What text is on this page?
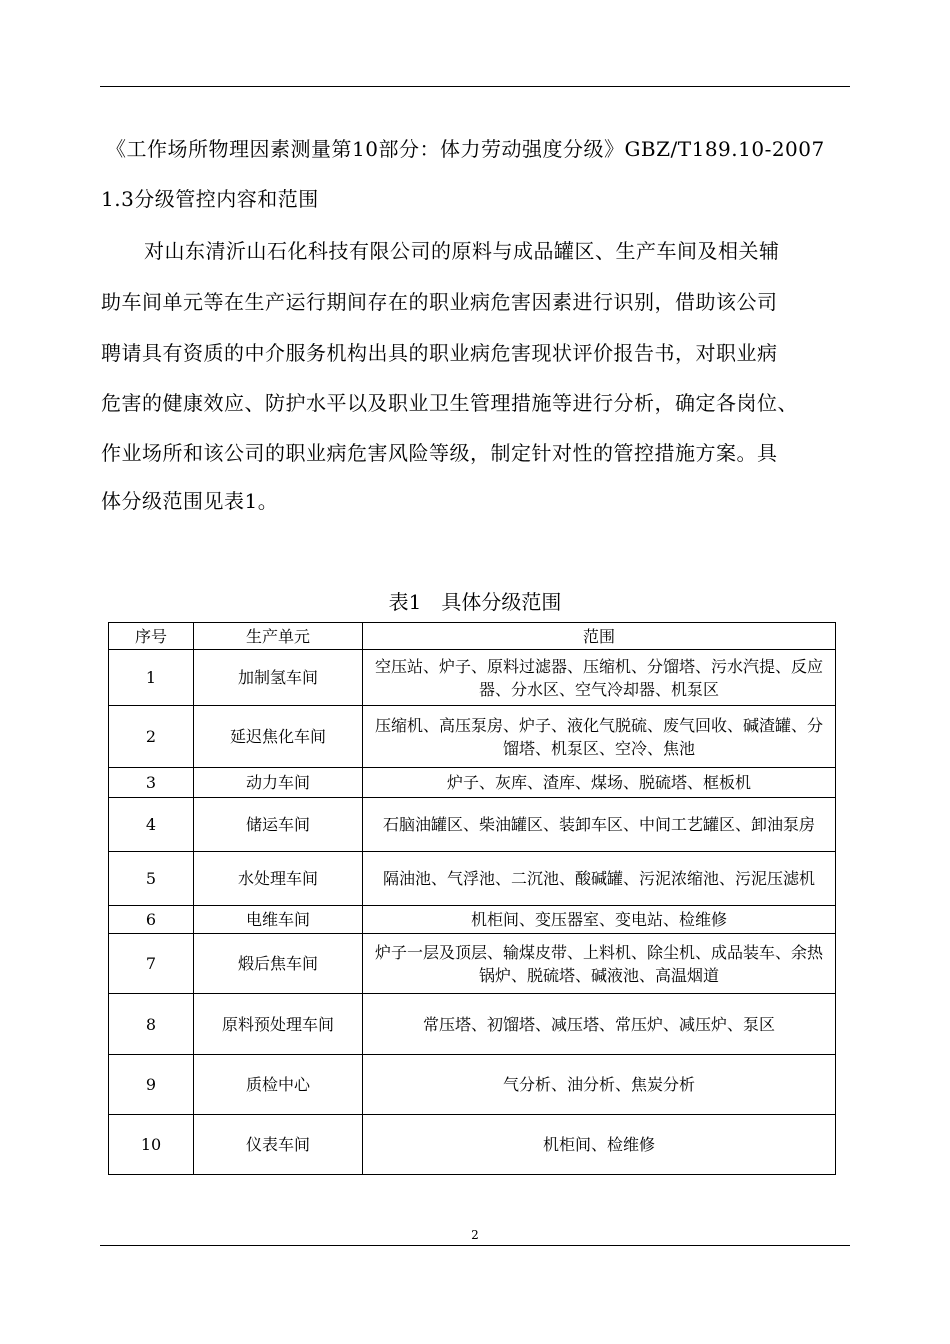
《工作场所物理因素测量第10部分：体力劳动强度分级》GBZ/T189.10-2007
1.3分级管控内容和范围
对山东清沂山石化科技有限公司的原料与成品罐区、生产车间及相关辅
助车间单元等在生产运行期间存在的职业病危害因素进行识别，借助该公司
聘请具有资质的中介服务机构出具的职业病危害现状评价报告书，对职业病
危害的健康效应、防护水平以及职业卫生管理措施等进行分析，确定各岗位、
作业场所和该公司的职业病危害风险等级，制定针对性的管控措施方案。具
体分级范围见表1。
表1　具体分级范围
序号	生产单元	范围
1	加制氢车间	空压站、炉子、原料过滤器、压缩机、分馏塔、污水汽提、反应器、分水区、空气冷却器、机泵区
2	延迟焦化车间	压缩机、高压泵房、炉子、液化气脱硫、废气回收、碱渣罐、分馏塔、机泵区、空冷、焦池
3	动力车间	炉子、灰库、渣库、煤场、脱硫塔、框板机
4	储运车间	石脑油罐区、柴油罐区、装卸车区、中间工艺罐区、卸油泵房
5	水处理车间	隔油池、气浮池、二沉池、酸碱罐、污泥浓缩池、污泥压滤机
6	电维车间	机柜间、变压器室、变电站、检维修
7	煅后焦车间	炉子一层及顶层、输煤皮带、上料机、除尘机、成品装车、余热锅炉、脱硫塔、碱液池、高温烟道
8	原料预处理车间	常压塔、初馏塔、减压塔、常压炉、减压炉、泵区
9	质检中心	气分析、油分析、焦炭分析
10	仪表车间	机柜间、检维修
2
